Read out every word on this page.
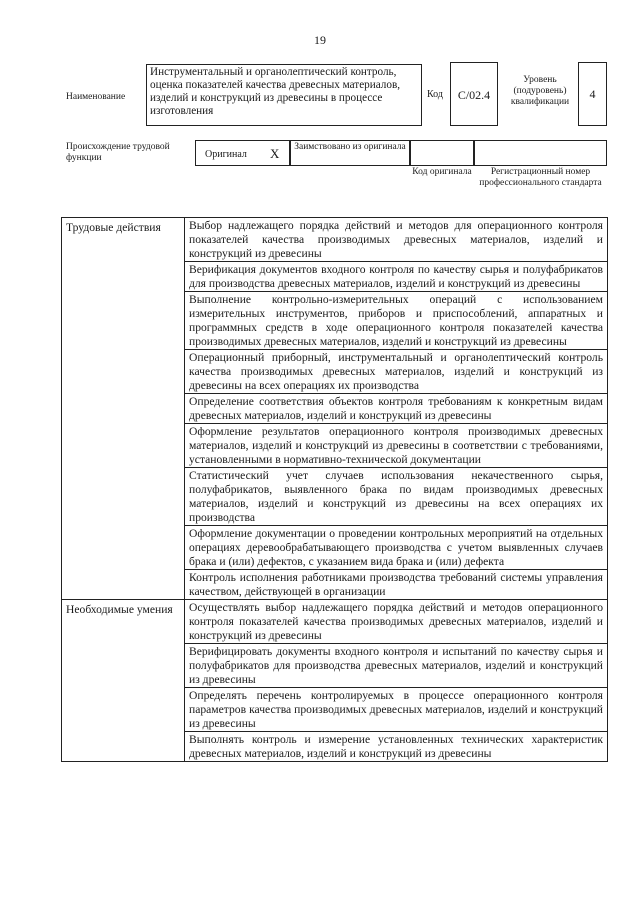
19
Наименование
Инструментальный и органолептический контроль, оценка показателей качества древесных материалов, изделий и конструкций из древесины в процессе изготовления
Код	С/02.4
Уровень (подуровень) квалификации
4
Происхождение трудовой функции	Оригинал X	Заимствовано из оригинала
Код оригинала	Регистрационный номер профессионального стандарта
Трудовые действия	Выбор надлежащего порядка действий и методов для операционного контроля показателей качества производимых древесных материалов, изделий и конструкций из древесины
	Верификация документов входного контроля по качеству сырья и полуфабрикатов для производства древесных материалов, изделий и конструкций из древесины
	Выполнение контрольно-измерительных операций с использованием измерительных инструментов, приборов и приспособлений, аппаратных и программных средств в ходе операционного контроля показателей качества производимых древесных материалов, изделий и конструкций из древесины
	Операционный приборный, инструментальный и органолептический контроль качества производимых древесных материалов, изделий и конструкций из древесины на всех операциях их производства
	Определение соответствия объектов контроля требованиям к конкретным видам древесных материалов, изделий и конструкций из древесины
	Оформление результатов операционного контроля производимых древесных материалов, изделий и конструкций из древесины в соответствии с требованиями, установленными в нормативно-технической документации
	Статистический учет случаев использования некачественного сырья, полуфабрикатов, выявленного брака по видам производимых древесных материалов, изделий и конструкций из древесины на всех операциях их производства
	Оформление документации о проведении контрольных мероприятий на отдельных операциях деревообрабатывающего производства с учетом выявленных случаев брака и (или) дефектов, с указанием вида брака и (или) дефекта
	Контроль исполнения работниками производства требований системы управления качеством, действующей в организации
Необходимые умения	Осуществлять выбор надлежащего порядка действий и методов операционного контроля показателей качества производимых древесных материалов, изделий и конструкций из древесины
	Верифицировать документы входного контроля и испытаний по качеству сырья и полуфабрикатов для производства древесных материалов, изделий и конструкций из древесины
	Определять перечень контролируемых в процессе операционного контроля параметров качества производимых древесных материалов, изделий и конструкций из древесины
	Выполнять контроль и измерение установленных технических характеристик древесных материалов, изделий и конструкций из древесины
